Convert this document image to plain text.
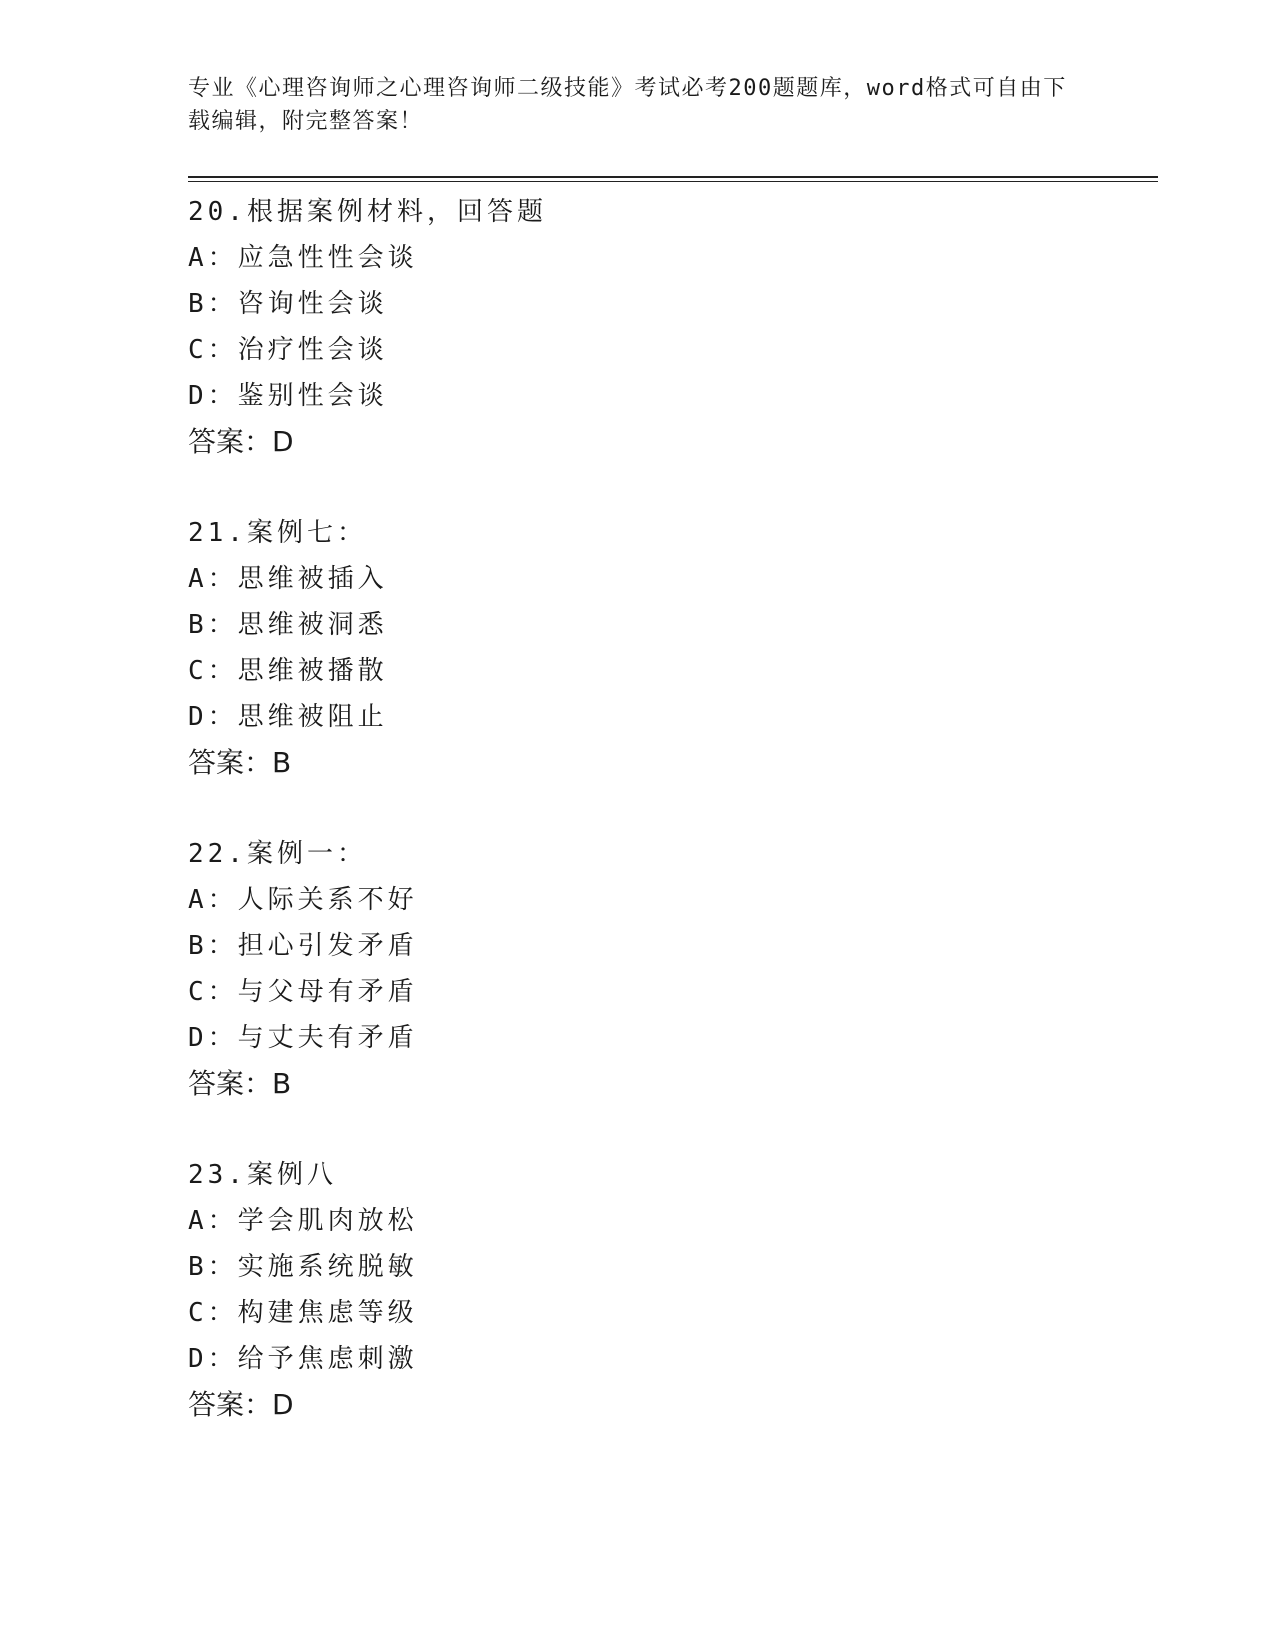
专业《心理咨询师之心理咨询师二级技能》考试必考200题题库，word格式可自由下载编辑，附完整答案！
20.根据案例材料，回答题
A：应急性性会谈
B：咨询性会谈
C：治疗性会谈
D：鉴别性会谈
答案：D
21.案例七：
A：思维被插入
B：思维被洞悉
C：思维被播散
D：思维被阻止
答案：B
22.案例一：
A：人际关系不好
B：担心引发矛盾
C：与父母有矛盾
D：与丈夫有矛盾
答案：B
23.案例八
A：学会肌肉放松
B：实施系统脱敏
C：构建焦虑等级
D：给予焦虑刺激
答案：D
